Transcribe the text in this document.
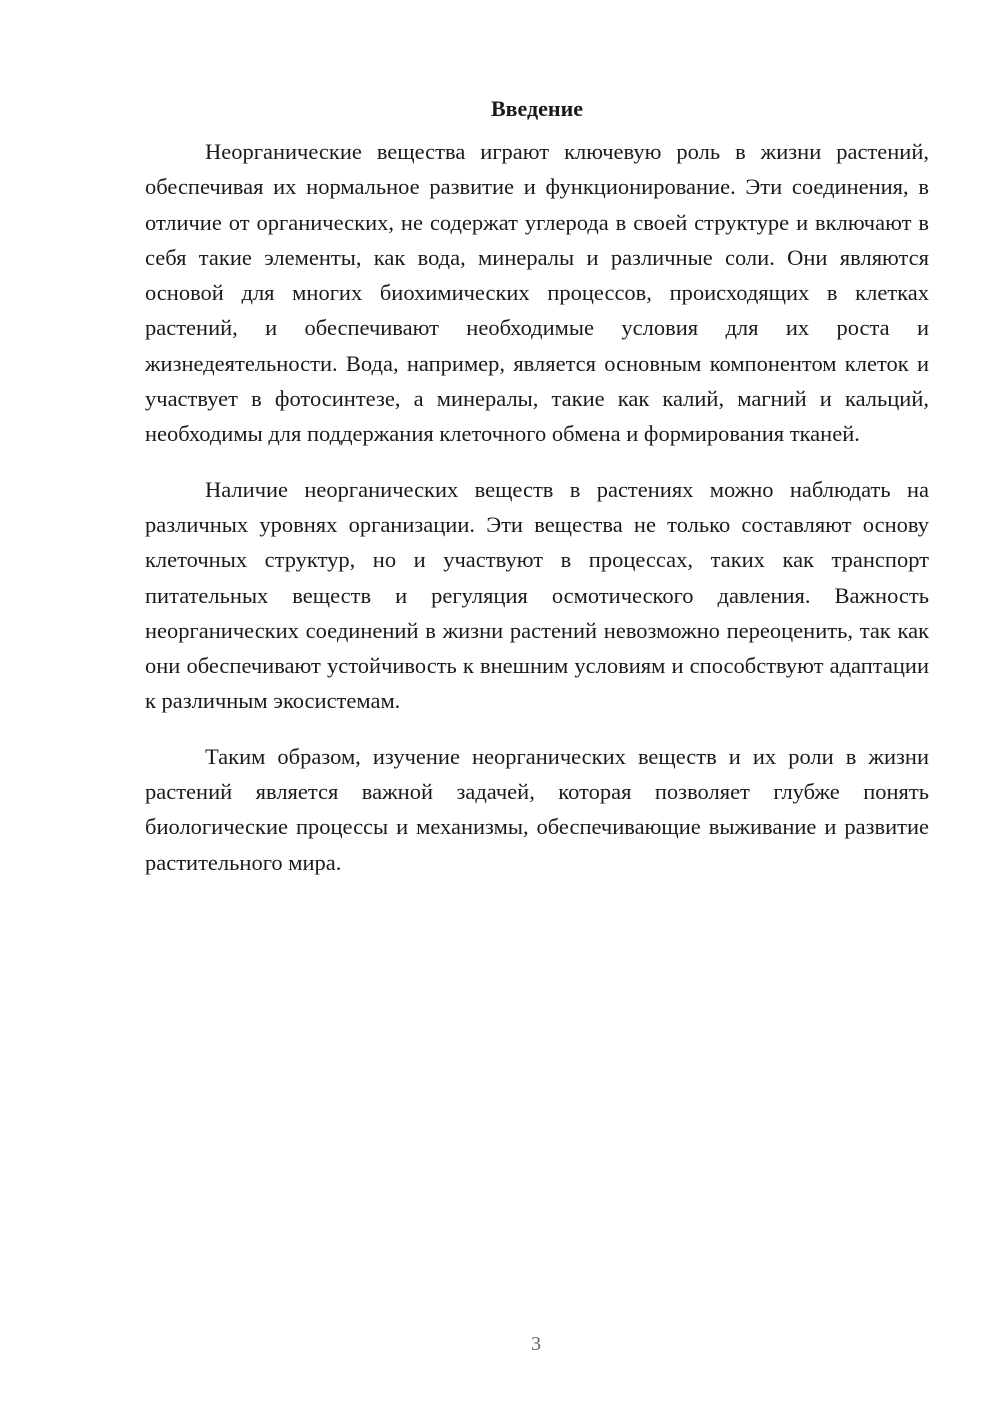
Введение

Неорганические вещества играют ключевую роль в жизни растений, обеспечивая их нормальное развитие и функционирование. Эти соединения, в отличие от органических, не содержат углерода в своей структуре и включают в себя такие элементы, как вода, минералы и различные соли. Они являются основой для многих биохимических процессов, происходящих в клетках растений, и обеспечивают необходимые условия для их роста и жизнедеятельности. Вода, например, является основным компонентом клеток и участвует в фотосинтезе, а минералы, такие как калий, магний и кальций, необходимы для поддержания клеточного обмена и формирования тканей.

Наличие неорганических веществ в растениях можно наблюдать на различных уровнях организации. Эти вещества не только составляют основу клеточных структур, но и участвуют в процессах, таких как транспорт питательных веществ и регуляция осмотического давления. Важность неорганических соединений в жизни растений невозможно переоценить, так как они обеспечивают устойчивость к внешним условиям и способствуют адаптации к различным экосистемам.

Таким образом, изучение неорганических веществ и их роли в жизни растений является важной задачей, которая позволяет глубже понять биологические процессы и механизмы, обеспечивающие выживание и развитие растительного мира.

3
